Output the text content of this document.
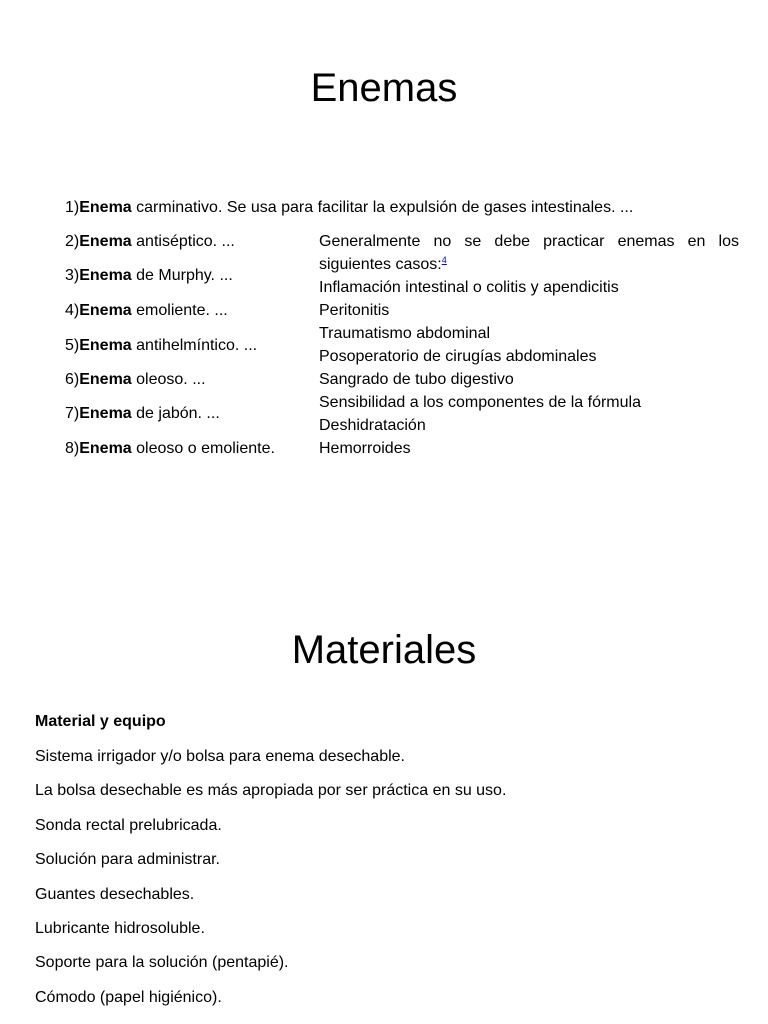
Enemas
1)Enema carminativo. Se usa para facilitar la expulsión de gases intestinales. ...
2)Enema antiséptico. ...
3)Enema de Murphy. ...
4)Enema emoliente. ...
5)Enema antihelmíntico. ...
6)Enema oleoso. ...
7)Enema de jabón. ...
8)Enema oleoso o emoliente.

Generalmente no se debe practicar enemas en los siguientes casos:$^4$

Inflamación intestinal o colitis y apendicitis

Peritonitis

Traumatismo abdominal

Posoperatorio de cirugías abdominales

Sangrado de tubo digestivo

Sensibilidad a los componentes de la fórmula

Deshidratación

Hemorroides

Materiales
Material y equipo
Sistema irrigador y/o bolsa para enema desechable.
La bolsa desechable es más apropiada por ser práctica en su uso.
Sonda rectal prelubricada.
Solución para administrar.
Guantes desechables.
Lubricante hidrosoluble.
Soporte para la solución (pentapié).
Cómodo (papel higiénico).
